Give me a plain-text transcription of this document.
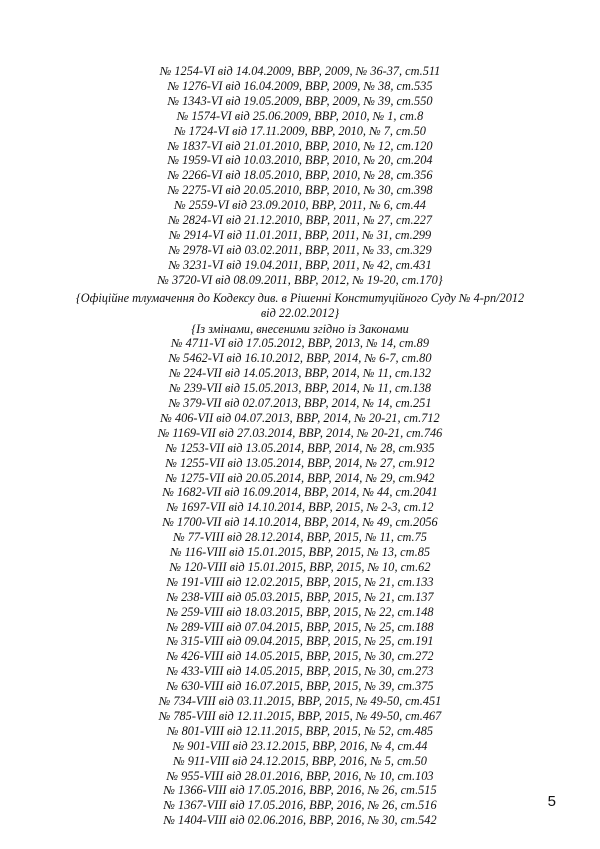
№ 1254-VI від 14.04.2009, ВВР, 2009, № 36-37, ст.511
№ 1276-VI від 16.04.2009, ВВР, 2009, № 38, ст.535
№ 1343-VI від 19.05.2009, ВВР, 2009, № 39, ст.550
№ 1574-VI від 25.06.2009, ВВР, 2010, № 1, ст.8
№ 1724-VI від 17.11.2009, ВВР, 2010, № 7, ст.50
№ 1837-VI від 21.01.2010, ВВР, 2010, № 12, ст.120
№ 1959-VI від 10.03.2010, ВВР, 2010, № 20, ст.204
№ 2266-VI від 18.05.2010, ВВР, 2010, № 28, ст.356
№ 2275-VI від 20.05.2010, ВВР, 2010, № 30, ст.398
№ 2559-VI від 23.09.2010, ВВР, 2011, № 6, ст.44
№ 2824-VI від 21.12.2010, ВВР, 2011, № 27, ст.227
№ 2914-VI від 11.01.2011, ВВР, 2011, № 31, ст.299
№ 2978-VI від 03.02.2011, ВВР, 2011, № 33, ст.329
№ 3231-VI від 19.04.2011, ВВР, 2011, № 42, ст.431
№ 3720-VI від 08.09.2011, ВВР, 2012, № 19-20, ст.170}
{Офіційне тлумачення до Кодексу див. в Рішенні Конституційного Суду № 4-рп/2012
від 22.02.2012}
{Із змінами, внесеними згідно із Законами
№ 4711-VI від 17.05.2012, ВВР, 2013, № 14, ст.89
№ 5462-VI від 16.10.2012, ВВР, 2014, № 6-7, ст.80
№ 224-VII від 14.05.2013, ВВР, 2014, № 11, ст.132
№ 239-VII від 15.05.2013, ВВР, 2014, № 11, ст.138
№ 379-VII від 02.07.2013, ВВР, 2014, № 14, ст.251
№ 406-VII від 04.07.2013, ВВР, 2014, № 20-21, ст.712
№ 1169-VII від 27.03.2014, ВВР, 2014, № 20-21, ст.746
№ 1253-VII від 13.05.2014, ВВР, 2014, № 28, ст.935
№ 1255-VII від 13.05.2014, ВВР, 2014, № 27, ст.912
№ 1275-VII від 20.05.2014, ВВР, 2014, № 29, ст.942
№ 1682-VII від 16.09.2014, ВВР, 2014, № 44, ст.2041
№ 1697-VII від 14.10.2014, ВВР, 2015, № 2-3, ст.12
№ 1700-VII від 14.10.2014, ВВР, 2014, № 49, ст.2056
№ 77-VIII від 28.12.2014, ВВР, 2015, № 11, ст.75
№ 116-VIII від 15.01.2015, ВВР, 2015, № 13, ст.85
№ 120-VIII від 15.01.2015, ВВР, 2015, № 10, ст.62
№ 191-VIII від 12.02.2015, ВВР, 2015, № 21, ст.133
№ 238-VIII від 05.03.2015, ВВР, 2015, № 21, ст.137
№ 259-VIII від 18.03.2015, ВВР, 2015, № 22, ст.148
№ 289-VIII від 07.04.2015, ВВР, 2015, № 25, ст.188
№ 315-VIII від 09.04.2015, ВВР, 2015, № 25, ст.191
№ 426-VIII від 14.05.2015, ВВР, 2015, № 30, ст.272
№ 433-VIII від 14.05.2015, ВВР, 2015, № 30, ст.273
№ 630-VIII від 16.07.2015, ВВР, 2015, № 39, ст.375
№ 734-VIII від 03.11.2015, ВВР, 2015, № 49-50, ст.451
№ 785-VIII від 12.11.2015, ВВР, 2015, № 49-50, ст.467
№ 801-VIII від 12.11.2015, ВВР, 2015, № 52, ст.485
№ 901-VIII від 23.12.2015, ВВР, 2016, № 4, ст.44
№ 911-VIII від 24.12.2015, ВВР, 2016, № 5, ст.50
№ 955-VIII від 28.01.2016, ВВР, 2016, № 10, ст.103
№ 1366-VIII від 17.05.2016, ВВР, 2016, № 26, ст.515
№ 1367-VIII від 17.05.2016, ВВР, 2016, № 26, ст.516
№ 1404-VIII від 02.06.2016, ВВР, 2016, № 30, ст.542
5
